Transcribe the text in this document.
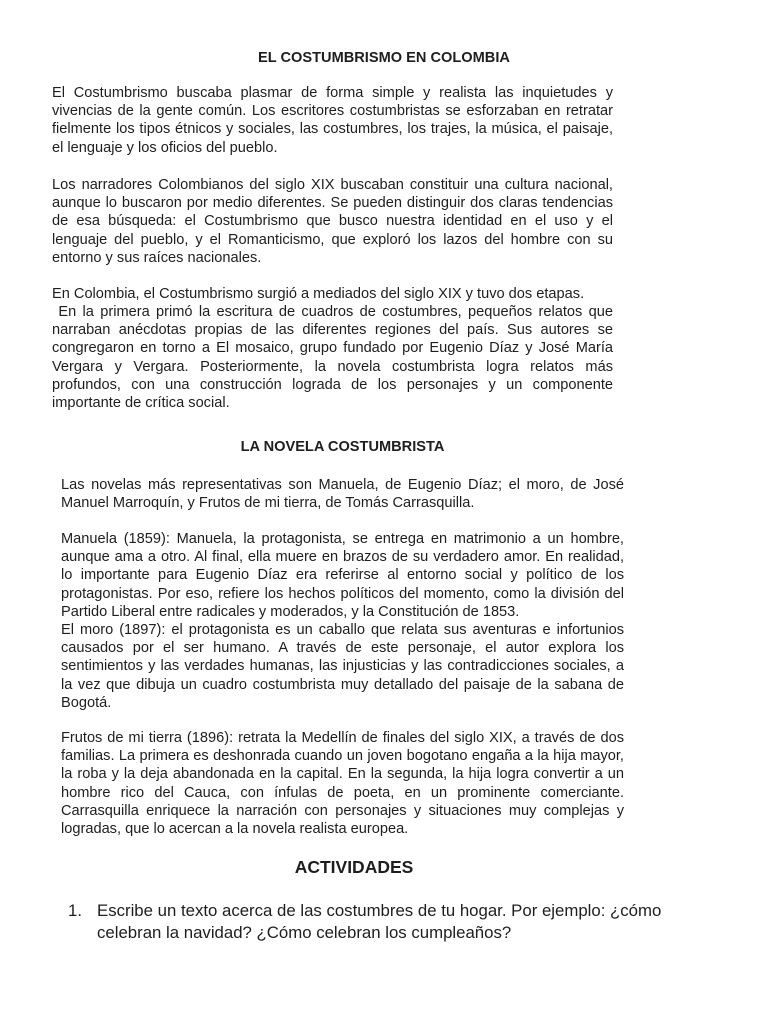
EL COSTUMBRISMO EN COLOMBIA

El Costumbrismo buscaba plasmar de forma simple y realista las inquietudes y vivencias de la gente común. Los escritores costumbristas se esforzaban en retratar fielmente los tipos étnicos y sociales, las costumbres, los trajes, la música, el paisaje, el lenguaje y los oficios del pueblo.

Los narradores Colombianos del siglo XIX buscaban constituir una cultura nacional, aunque lo buscaron por medio diferentes. Se pueden distinguir dos claras tendencias de esa búsqueda: el Costumbrismo que busco nuestra identidad en el uso y el lenguaje del pueblo, y el Romanticismo, que exploró los lazos del hombre con su entorno y sus raíces nacionales.

En Colombia, el Costumbrismo surgió a mediados del siglo XIX y tuvo dos etapas.

En la primera primó la escritura de cuadros de costumbres, pequeños relatos que narraban anécdotas propias de las diferentes regiones del país. Sus autores se congregaron en torno a El mosaico, grupo fundado por Eugenio Díaz y José María Vergara y Vergara. Posteriormente, la novela costumbrista logra relatos más profundos, con una construcción lograda de los personajes y un componente importante de crítica social.

LA NOVELA COSTUMBRISTA

Las novelas más representativas son Manuela, de Eugenio Díaz; el moro, de José Manuel Marroquín, y Frutos de mi tierra, de Tomás Carrasquilla.

Manuela (1859): Manuela, la protagonista, se entrega en matrimonio a un hombre, aunque ama a otro. Al final, ella muere en brazos de su verdadero amor. En realidad, lo importante para Eugenio Díaz era referirse al entorno social y político de los protagonistas. Por eso, refiere los hechos políticos del momento, como la división del Partido Liberal entre radicales y moderados, y la Constitución de 1853.

El moro (1897): el protagonista es un caballo que relata sus aventuras e infortunios causados por el ser humano. A través de este personaje, el autor explora los sentimientos y las verdades humanas, las injusticias y las contradicciones sociales, a la vez que dibuja un cuadro costumbrista muy detallado del paisaje de la sabana de Bogotá.

Frutos de mi tierra (1896): retrata la Medellín de finales del siglo XIX, a través de dos familias. La primera es deshonrada cuando un joven bogotano engaña a la hija mayor, la roba y la deja abandonada en la capital. En la segunda, la hija logra convertir a un hombre rico del Cauca, con ínfulas de poeta, en un prominente comerciante. Carrasquilla enriquece la narración con personajes y situaciones muy complejas y logradas, que lo acercan a la novela realista europea.

ACTIVIDADES
1. Escribe un texto acerca de las costumbres de tu hogar. Por ejemplo: ¿cómo celebran la navidad? ¿Cómo celebran los cumpleaños?
